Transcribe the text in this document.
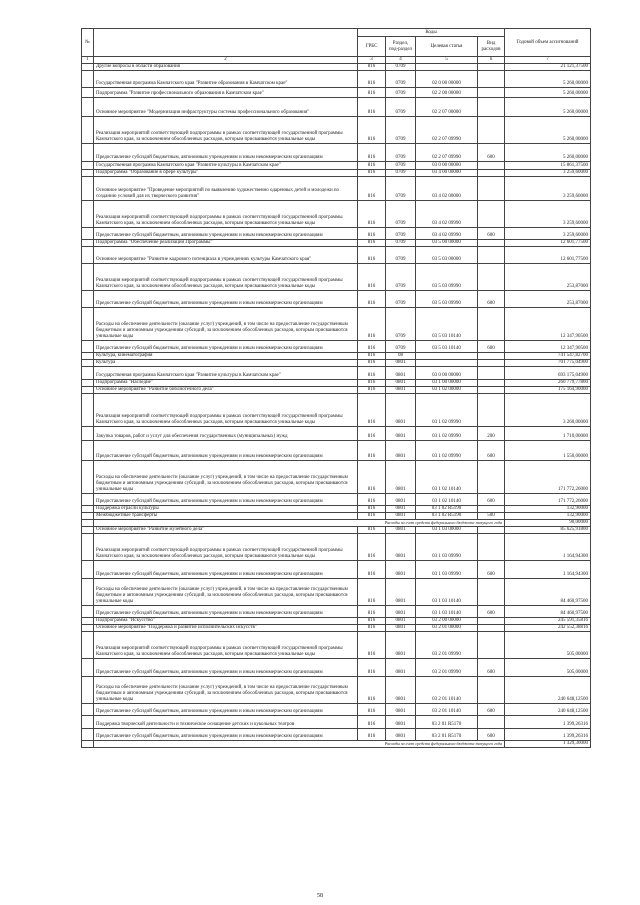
№		Коды				Годовой объем ассигнований
		ГРБС	Раздел, под-раздел	Целевая статья	Вид расходов	
1	2	3	4	5	6	7
	Другие вопросы в области образования	816	0709			21 121,37500
	Государственная программа Камчатского края "Развитие образования в Камчатском крае"	816	0709	02 0 00 00000		5 260,00000
	Подпрограмма "Развитие профессионального образования в Камчатском крае"	816	0709	02 2 00 00000		5 260,00000
	Основное мероприятие "Модернизация инфраструктуры системы профессионального образования"	816	0709	02 2 07 00000		5 260,00000
	Реализация мероприятий соответствующей подпрограммы в рамках соответствующей государственной программы Камчатского края, за исключением обособленных расходов, которым присваиваются уникальные коды	816	0709	02 2 07 09990		5 260,00000
	Предоставление субсидий бюджетным, автономным учреждениям и иным некоммерческим организациям	816	0709	02 2 07 09990	600	5 260,00000
	Государственная программа Камчатского края "Развитие культуры в Камчатском крае"	816	0709	03 0 00 00000		15 861,37500
	Подпрограмма "Образование в сфере культуры"	816	0709	03 4 00 00000		3 259,60000
	Основное мероприятие "Проведение мероприятий по выявлению художественно одаренных детей и молодежи по созданию условий для их творческого развития"	816	0709	03 4 02 00000		3 259,60000
	Реализация мероприятий соответствующей подпрограммы в рамках соответствующей государственной программы Камчатского края, за исключением обособленных расходов, которым присваиваются уникальные коды	816	0709	03 4 02 09990		3 259,60000
	Предоставление субсидий бюджетным, автономным учреждениям и иным некоммерческим организациям	816	0709	03 4 02 09990	600	3 259,60000
	Подпрограмма "Обеспечение реализации Программы"	816	0709	03 5 00 00000		12 601,77500
	Основное мероприятие "Развитие кадрового потенциала в учреждениях культуры Камчатского края"	816	0709	03 5 03 00000		12 601,77500
	Реализация мероприятий соответствующей подпрограммы в рамках соответствующей государственной программы Камчатского края, за исключением обособленных расходов, которым присваиваются уникальные коды	816	0709	03 5 03 09990		253,87000
	Предоставление субсидий бюджетным, автономным учреждениям и иным некоммерческим организациям	816	0709	03 5 03 09990	600	253,87000
	Расходы на обеспечение деятельности (оказание услуг) учреждений, в том числе на предоставление государственным бюджетным и автономным учреждениям субсидий, за исключением обособленных расходов, которым присваиваются уникальные коды	816	0709	03 5 03 10140		12 347,90500
	Предоставление субсидий бюджетным, автономным учреждениям и иным некоммерческим организациям	816	0709	03 5 03 10140	600	12 347,90500
	Культура, кинематография	816	08			741 547,82700
	Культура	816	0801			701 775,04900
	Государственная программа Камчатского края "Развитие культуры в Камчатском крае"	816	0801	03 0 00 00000		693 175,04900
	Подпрограмма "Наследие"	816	0801	03 1 00 00000		260 779,77800
	Основное мероприятие "Развитие библиотечного дела"	816	0801	03 1 02 00000		175 164,90000
	Реализация мероприятий соответствующей подпрограммы в рамках соответствующей государственной программы Камчатского края, за исключением обособленных расходов, которым присваиваются уникальные коды	816	0801	03 1 02 09990		3 260,00000
	Закупка товаров, работ и услуг для обеспечения государственных (муниципальных) нужд	816	0801	03 1 02 09990	200	1 710,00000
	Предоставление субсидий бюджетным, автономным учреждениям и иным некоммерческим организациям	816	0801	03 1 02 09990	600	1 550,00000
	Расходы на обеспечение деятельности (оказание услуг) учреждений, в том числе на предоставление государственным бюджетным и автономным учреждениям субсидий, за исключением обособленных расходов, которым присваиваются уникальные коды	816	0801	03 1 02 10140		171 772,26000
	Предоставление субсидий бюджетным, автономным учреждениям и иным некоммерческим организациям	816	0801	03 1 02 10140	600	171 772,26000
	Поддержка отрасли культуры	816	0801	03 1 02 R5190		132,90000
	Межбюджетные трансферты	816	0801	03 1 02 R5190	500	132,90000
	Расходы за счет средств федерального бюджета текущего года					90,00000
	Основное мероприятие "Развитие музейного дела"	816	0801	03 1 03 00000		85 625,91800
	Реализация мероприятий соответствующей подпрограммы в рамках соответствующей государственной программы Камчатского края, за исключением обособленных расходов, которым присваиваются уникальные коды	816	0801	03 1 03 09990		1 164,94300
	Предоставление субсидий бюджетным, автономным учреждениям и иным некоммерческим организациям	816	0801	03 1 03 09990	600	1 164,94300
	Расходы на обеспечение деятельности (оказание услуг) учреждений, в том числе на предоставление государственным бюджетным и автономным учреждениям субсидий, за исключением обособленных расходов, которым присваиваются уникальные коды	816	0801	03 1 03 10140		84 460,97500
	Предоставление субсидий бюджетным, автономным учреждениям и иным некоммерческим организациям	816	0801	03 1 03 10140	600	84 460,97500
	Подпрограмма "Искусство"	816	0801	03 2 00 00000		245 591,35816
	Основное мероприятие "Поддержка и развитие исполнительских искусств"	816	0801	03 2 01 00000		242 552,38816
	Реализация мероприятий соответствующей подпрограммы в рамках соответствующей государственной программы Камчатского края, за исключением обособленных расходов, которым присваиваются уникальные коды	816	0801	03 2 01 09990		505,00000
	Предоставление субсидий бюджетным, автономным учреждениям и иным некоммерческим организациям	816	0801	03 2 01 09990	600	505,00000
	Расходы на обеспечение деятельности (оказание услуг) учреждений, в том числе на предоставление государственным бюджетным и автономным учреждениям субсидий, за исключением обособленных расходов, которым присваиваются уникальные коды	816	0801	03 2 01 10140		240 648,12500
	Предоставление субсидий бюджетным, автономным учреждениям и иным некоммерческим организациям	816	0801	03 2 01 10140	600	240 648,12500
	Поддержка творческой деятельности и техническое оснащение детских и кукольных театров	816	0801	03 2 01 R5170		1 399,26316
	Предоставление субсидий бюджетным, автономным учреждениям и иным некоммерческим организациям	816	0801	03 2 01 R5170	600	1 399,26316
	Расходы за счет средств федерального бюджета текущего года					1 329,30000
58
